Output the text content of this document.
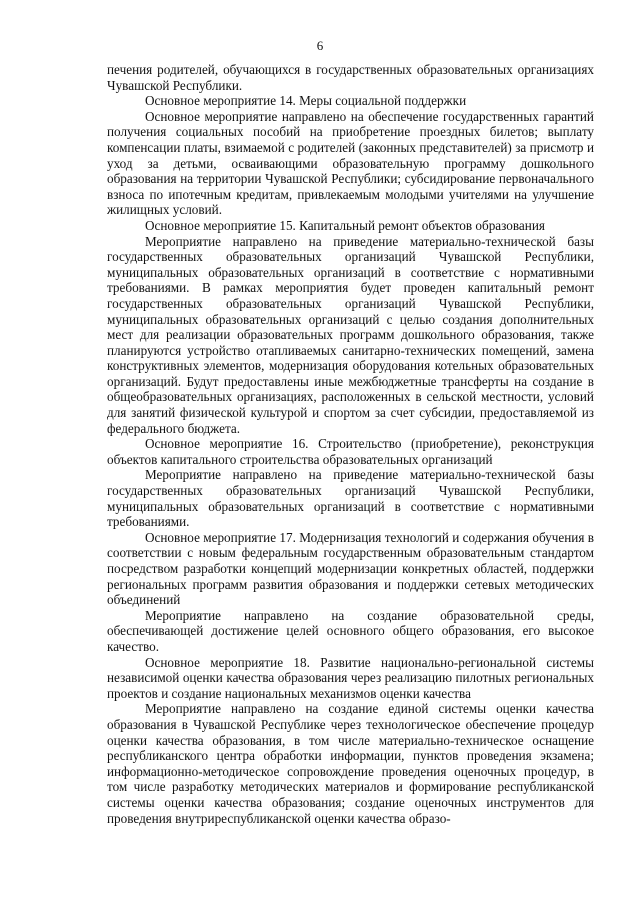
6

печения родителей, обучающихся в государственных образовательных организациях Чувашской Республики.

Основное мероприятие 14. Меры социальной поддержки

Основное мероприятие направлено на обеспечение государственных гарантий получения социальных пособий на приобретение проездных билетов; выплату компенсации платы, взимаемой с родителей (законных представителей) за присмотр и уход за детьми, осваивающими образовательную программу дошкольного образования на территории Чувашской Республики; субсидирование первоначального взноса по ипотечным кредитам, привлекаемым молодыми учителями на улучшение жилищных условий.

Основное мероприятие 15. Капитальный ремонт объектов образования

Мероприятие направлено на приведение материально-технической базы государственных образовательных организаций Чувашской Республики, муниципальных образовательных организаций в соответствие с нормативными требованиями. В рамках мероприятия будет проведен капитальный ремонт государственных образовательных организаций Чувашской Республики, муниципальных образовательных организаций с целью создания дополнительных мест для реализации образовательных программ дошкольного образования, также планируются устройство отапливаемых санитарно-технических помещений, замена конструктивных элементов, модернизация оборудования котельных образовательных организаций. Будут предоставлены иные межбюджетные трансферты на создание в общеобразовательных организациях, расположенных в сельской местности, условий для занятий физической культурой и спортом за счет субсидии, предоставляемой из федерального бюджета.

Основное мероприятие 16. Строительство (приобретение), реконструкция объектов капитального строительства образовательных организаций

Мероприятие направлено на приведение материально-технической базы государственных образовательных организаций Чувашской Республики, муниципальных образовательных организаций в соответствие с нормативными требованиями.

Основное мероприятие 17. Модернизация технологий и содержания обучения в соответствии с новым федеральным государственным образовательным стандартом посредством разработки концепций модернизации конкретных областей, поддержки региональных программ развития образования и поддержки сетевых методических объединений

Мероприятие направлено на создание образовательной среды, обеспечивающей достижение целей основного общего образования, его высокое качество.

Основное мероприятие 18. Развитие национально-региональной системы независимой оценки качества образования через реализацию пилотных региональных проектов и создание национальных механизмов оценки качества

Мероприятие направлено на создание единой системы оценки качества образования в Чувашской Республике через технологическое обеспечение процедур оценки качества образования, в том числе материально-техническое оснащение республиканского центра обработки информации, пунктов проведения экзамена; информационно-методическое сопровождение проведения оценочных процедур, в том числе разработку методических материалов и формирование республиканской системы оценки качества образования; создание оценочных инструментов для проведения внутриреспубликанской оценки качества образо-
